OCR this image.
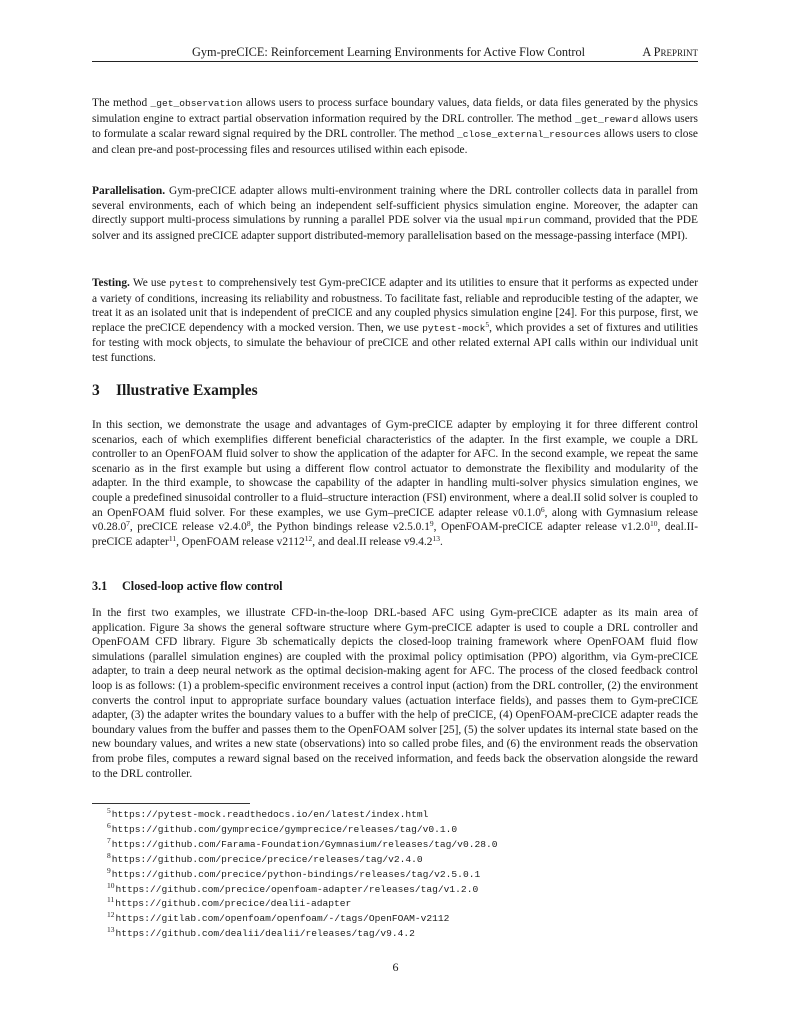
Gym-preCICE: Reinforcement Learning Environments for Active Flow Control	A Preprint

The method _get_observation allows users to process surface boundary values, data fields, or data files generated by the physics simulation engine to extract partial observation information required by the DRL controller. The method _get_reward allows users to formulate a scalar reward signal required by the DRL controller. The method _close_external_resources allows users to close and clean pre-and post-processing files and resources utilised within each episode.

Parallelisation. Gym-preCICE adapter allows multi-environment training where the DRL controller collects data in parallel from several environments, each of which being an independent self-sufficient physics simulation engine. Moreover, the adapter can directly support multi-process simulations by running a parallel PDE solver via the usual mpirun command, provided that the PDE solver and its assigned preCICE adapter support distributed-memory parallelisation based on the message-passing interface (MPI).

Testing. We use pytest to comprehensively test Gym-preCICE adapter and its utilities to ensure that it performs as expected under a variety of conditions, increasing its reliability and robustness. To facilitate fast, reliable and reproducible testing of the adapter, we treat it as an isolated unit that is independent of preCICE and any coupled physics simulation engine [24]. For this purpose, first, we replace the preCICE dependency with a mocked version. Then, we use pytest-mock$^5$, which provides a set of fixtures and utilities for testing with mock objects, to simulate the behaviour of preCICE and other related external API calls within our individual unit test functions.

3 Illustrative Examples

In this section, we demonstrate the usage and advantages of Gym-preCICE adapter by employing it for three different control scenarios, each of which exemplifies different beneficial characteristics of the adapter. In the first example, we couple a DRL controller to an OpenFOAM fluid solver to show the application of the adapter for AFC. In the second example, we repeat the same scenario as in the first example but using a different flow control actuator to demonstrate the flexibility and modularity of the adapter. In the third example, to showcase the capability of the adapter in handling multi-solver physics simulation engines, we couple a predefined sinusoidal controller to a fluid–structure interaction (FSI) environment, where a deal.II solid solver is coupled to an OpenFOAM fluid solver. For these examples, we use Gym–preCICE adapter release v0.1.0$^6$, along with Gymnasium release v0.28.0$^7$, preCICE release v2.4.0$^8$, the Python bindings release v2.5.0.1$^9$, OpenFOAM-preCICE adapter release v1.2.0$^{10}$, deal.II-preCICE adapter$^{11}$, OpenFOAM release v2112$^{12}$, and deal.II release v9.4.2$^{13}$.

3.1 Closed-loop active flow control

In the first two examples, we illustrate CFD-in-the-loop DRL-based AFC using Gym-preCICE adapter as its main area of application. Figure 3a shows the general software structure where Gym-preCICE adapter is used to couple a DRL controller and OpenFOAM CFD library. Figure 3b schematically depicts the closed-loop training framework where OpenFOAM fluid flow simulations (parallel simulation engines) are coupled with the proximal policy optimisation (PPO) algorithm, via Gym-preCICE adapter, to train a deep neural network as the optimal decision-making agent for AFC. The process of the closed feedback control loop is as follows: (1) a problem-specific environment receives a control input (action) from the DRL controller, (2) the environment converts the control input to appropriate surface boundary values (actuation interface fields), and passes them to Gym-preCICE adapter, (3) the adapter writes the boundary values to a buffer with the help of preCICE, (4) OpenFOAM-preCICE adapter reads the boundary values from the buffer and passes them to the OpenFOAM solver [25], (5) the solver updates its internal state based on the new boundary values, and writes a new state (observations) into so called probe files, and (6) the environment reads the observation from probe files, computes a reward signal based on the received information, and feeds back the observation alongside the reward to the DRL controller.

$^5$https://pytest-mock.readthedocs.io/en/latest/index.html
$^6$https://github.com/gymprecice/gymprecice/releases/tag/v0.1.0
$^7$https://github.com/Farama-Foundation/Gymnasium/releases/tag/v0.28.0
$^8$https://github.com/precice/precice/releases/tag/v2.4.0
$^9$https://github.com/precice/python-bindings/releases/tag/v2.5.0.1
$^{10}$https://github.com/precice/openfoam-adapter/releases/tag/v1.2.0
$^{11}$https://github.com/precice/dealii-adapter
$^{12}$https://gitlab.com/openfoam/openfoam/-/tags/OpenFOAM-v2112
$^{13}$https://github.com/dealii/dealii/releases/tag/v9.4.2
6
